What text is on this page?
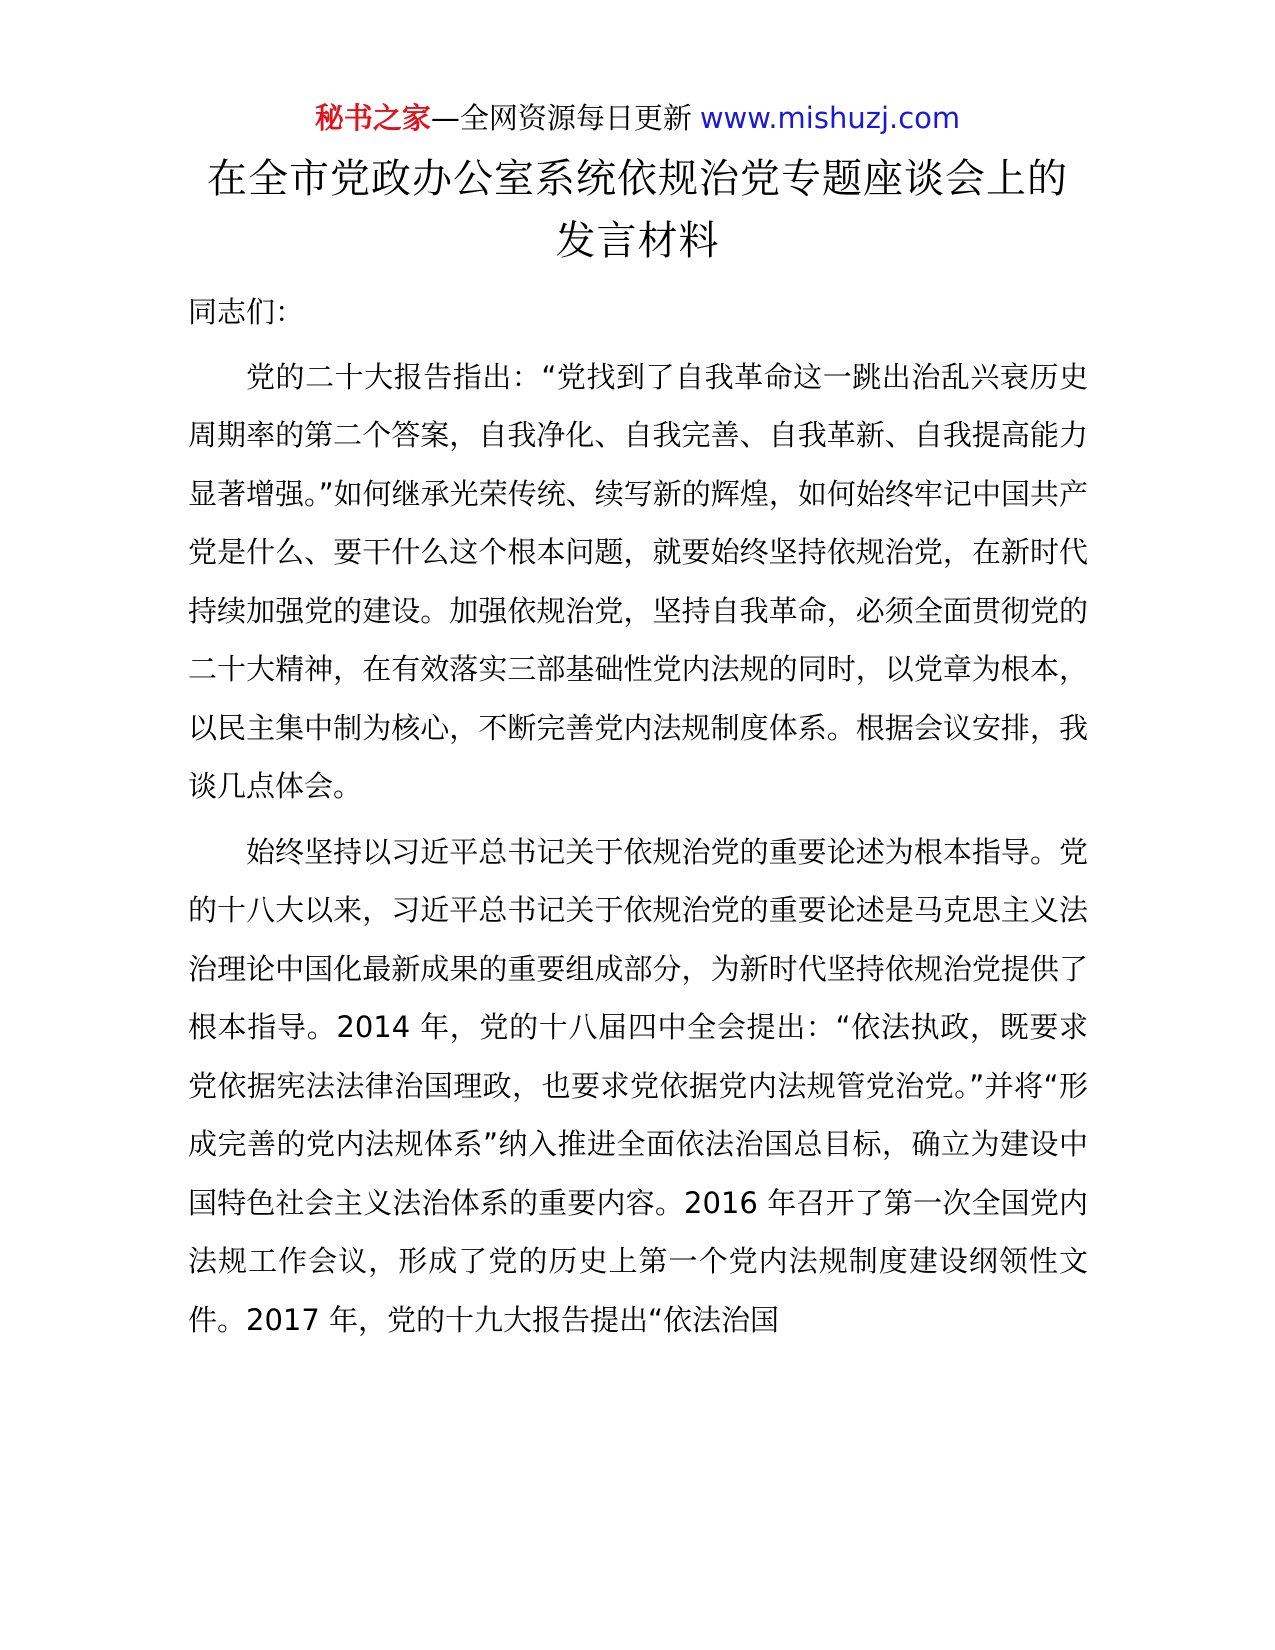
秘书之家—全网资源每日更新 www.mishuzj.com
在全市党政办公室系统依规治党专题座谈会上的发言材料

同志们：

党的二十大报告指出：“党找到了自我革命这一跳出治乱兴衰历史周期率的第二个答案，自我净化、自我完善、自我革新、自我提高能力显著增强。”如何继承光荣传统、续写新的辉煌，如何始终牢记中国共产党是什么、要干什么这个根本问题，就要始终坚持依规治党，在新时代持续加强党的建设。加强依规治党，坚持自我革命，必须全面贯彻党的二十大精神，在有效落实三部基础性党内法规的同时，以党章为根本，以民主集中制为核心，不断完善党内法规制度体系。根据会议安排，我谈几点体会。

始终坚持以习近平总书记关于依规治党的重要论述为根本指导。党的十八大以来，习近平总书记关于依规治党的重要论述是马克思主义法治理论中国化最新成果的重要组成部分，为新时代坚持依规治党提供了根本指导。2014 年，党的十八届四中全会提出：“依法执政，既要求党依据宪法法律治国理政，也要求党依据党内法规管党治党。”并将“形成完善的党内法规体系”纳入推进全面依法治国总目标，确立为建设中国特色社会主义法治体系的重要内容。2016 年召开了第一次全国党内法规工作会议，形成了党的历史上第一个党内法规制度建设纲领性文件。2017 年，党的十九大报告提出“依法治国
